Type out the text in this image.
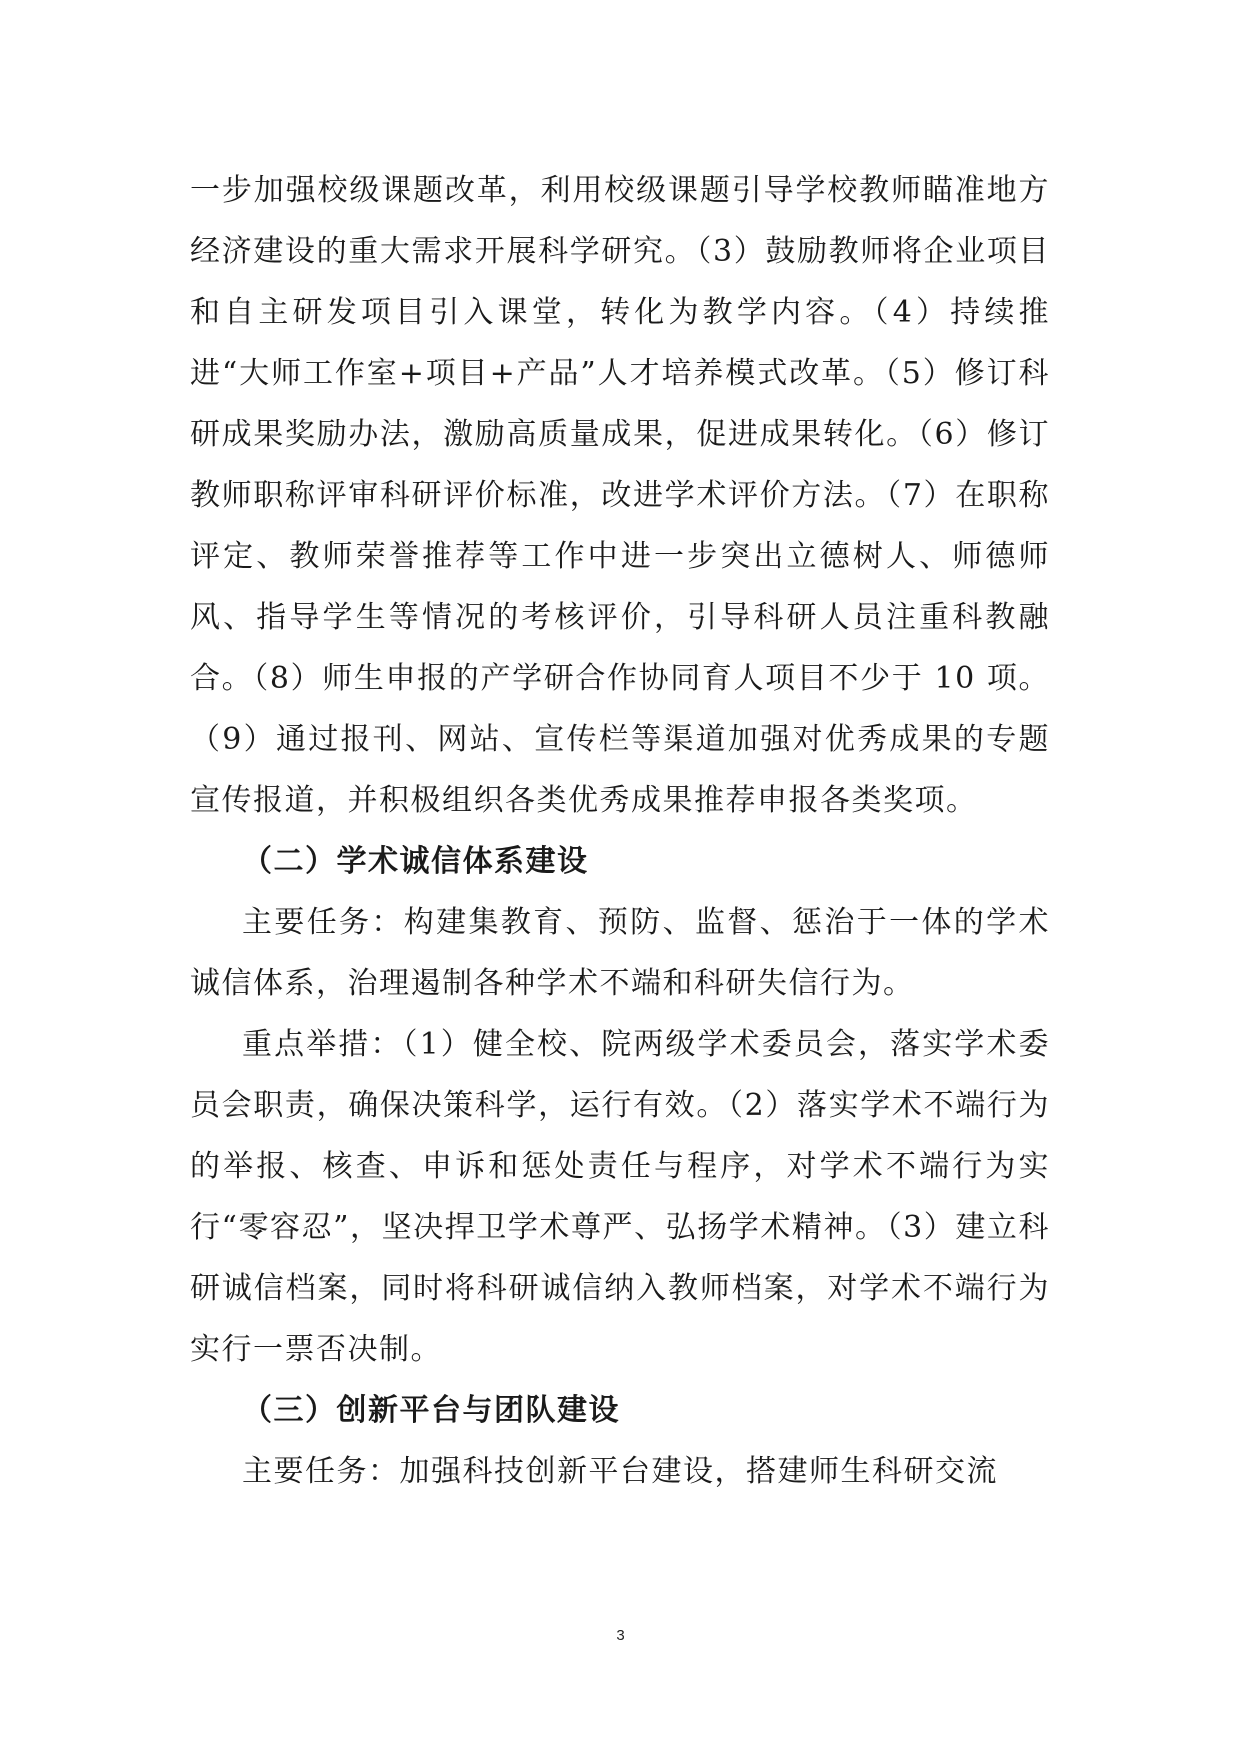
一步加强校级课题改革，利用校级课题引导学校教师瞄准地方经济建设的重大需求开展科学研究。（3）鼓励教师将企业项目和自主研发项目引入课堂，转化为教学内容。（4）持续推进“大师工作室+项目+产品”人才培养模式改革。（5）修订科研成果奖励办法，激励高质量成果，促进成果转化。（6）修订教师职称评审科研评价标准，改进学术评价方法。（7）在职称评定、教师荣誉推荐等工作中进一步突出立德树人、师德师风、指导学生等情况的考核评价，引导科研人员注重科教融合。（8）师生申报的产学研合作协同育人项目不少于 10 项。（9）通过报刊、网站、宣传栏等渠道加强对优秀成果的专题宣传报道，并积极组织各类优秀成果推荐申报各类奖项。

（二）学术诚信体系建设

主要任务：构建集教育、预防、监督、惩治于一体的学术诚信体系，治理遏制各种学术不端和科研失信行为。

重点举措：（1）健全校、院两级学术委员会，落实学术委员会职责，确保决策科学，运行有效。（2）落实学术不端行为的举报、核查、申诉和惩处责任与程序，对学术不端行为实行“零容忍”，坚决捍卫学术尊严、弘扬学术精神。（3）建立科研诚信档案，同时将科研诚信纳入教师档案，对学术不端行为实行一票否决制。

（三）创新平台与团队建设

主要任务：加强科技创新平台建设，搭建师生科研交流

3
